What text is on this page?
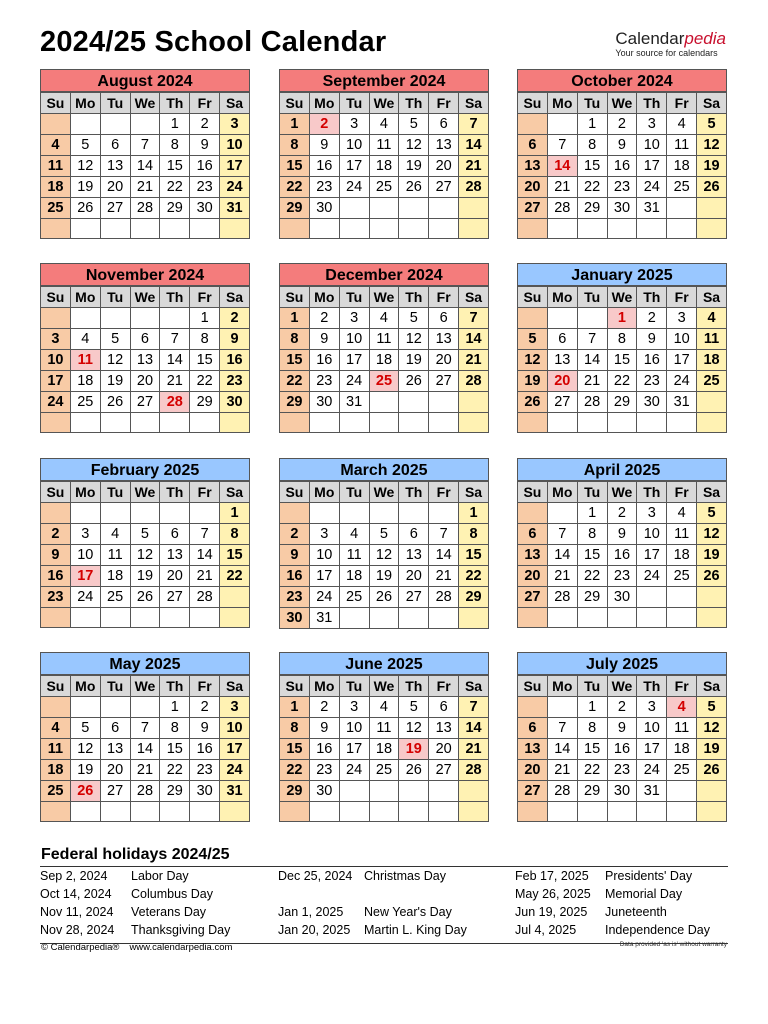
2024/25 School Calendar	Calendarpedia
Your source for calendars
August 2024
Su	Mo	Tu	We	Th	Fr	Sa
				1	2	3
4	5	6	7	8	9	10
11	12	13	14	15	16	17
18	19	20	21	22	23	24
25	26	27	28	29	30	31

September 2024
Su	Mo	Tu	We	Th	Fr	Sa
1	2	3	4	5	6	7
8	9	10	11	12	13	14
15	16	17	18	19	20	21
22	23	24	25	26	27	28
29	30					

October 2024
Su	Mo	Tu	We	Th	Fr	Sa
		1	2	3	4	5
6	7	8	9	10	11	12
13	14	15	16	17	18	19
20	21	22	23	24	25	26
27	28	29	30	31		

November 2024
Su	Mo	Tu	We	Th	Fr	Sa
					1	2
3	4	5	6	7	8	9
10	11	12	13	14	15	16
17	18	19	20	21	22	23
24	25	26	27	28	29	30

December 2024
Su	Mo	Tu	We	Th	Fr	Sa
1	2	3	4	5	6	7
8	9	10	11	12	13	14
15	16	17	18	19	20	21
22	23	24	25	26	27	28
29	30	31				

January 2025
Su	Mo	Tu	We	Th	Fr	Sa
			1	2	3	4
5	6	7	8	9	10	11
12	13	14	15	16	17	18
19	20	21	22	23	24	25
26	27	28	29	30	31	

February 2025
Su	Mo	Tu	We	Th	Fr	Sa
						1
2	3	4	5	6	7	8
9	10	11	12	13	14	15
16	17	18	19	20	21	22
23	24	25	26	27	28	

March 2025
Su	Mo	Tu	We	Th	Fr	Sa
						1
2	3	4	5	6	7	8
9	10	11	12	13	14	15
16	17	18	19	20	21	22
23	24	25	26	27	28	29
30	31					
April 2025
Su	Mo	Tu	We	Th	Fr	Sa
		1	2	3	4	5
6	7	8	9	10	11	12
13	14	15	16	17	18	19
20	21	22	23	24	25	26
27	28	29	30			

May 2025
Su	Mo	Tu	We	Th	Fr	Sa
				1	2	3
4	5	6	7	8	9	10
11	12	13	14	15	16	17
18	19	20	21	22	23	24
25	26	27	28	29	30	31

June 2025
Su	Mo	Tu	We	Th	Fr	Sa
1	2	3	4	5	6	7
8	9	10	11	12	13	14
15	16	17	18	19	20	21
22	23	24	25	26	27	28
29	30					

July 2025
Su	Mo	Tu	We	Th	Fr	Sa
		1	2	3	4	5
6	7	8	9	10	11	12
13	14	15	16	17	18	19
20	21	22	23	24	25	26
27	28	29	30	31		

Federal holidays 2024/25
Sep 2, 2024 Labor Day
Oct 14, 2024 Columbus Day
Nov 11, 2024 Veterans Day
Nov 28, 2024 Thanksgiving Day
Dec 25, 2024 Christmas Day
Jan 1, 2025 New Year's Day
Jan 20, 2025 Martin L. King Day
Feb 17, 2025 Presidents' Day
May 26, 2025 Memorial Day
Jun 19, 2025 Juneteenth
Jul 4, 2025 Independence Day
© Calendarpedia® www.calendarpedia.com	Data provided 'as is' without warranty
